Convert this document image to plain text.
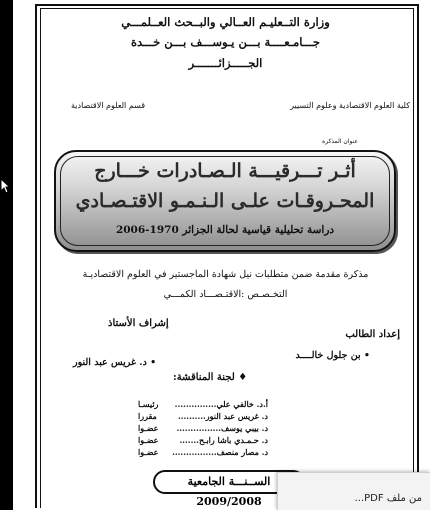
وزارة التــعليـم العــالي والبــحث العــلمـــي
جـــامـعــــة بـــن يـوســـف بـــن خـــدة
الجـــــزائـــــــر
كلية العلوم الاقتصادية وعلوم التسيير
قسم العلوم الاقتصادية
عنوان المذكرة
أثـر تـــرقيـــة الـصـادرات خـــارج
المحـروقـات علـى الـنـمـو الاقتـصـادي
دراسة تحليلية قياسية لحالة الجزائر 1970-2006
مذكرة مقدمة ضمن متطلبات نيل شهادة الماجستير في العلوم الاقتصاديـة
التخـصـص :الاقتـصـــاد الكمـــي
إعداد الطالب
• بن جلول خالــــد
إشراف الأستاذ
• د. غريس عبد النور
♦ لجنة المناقشة:
أ.د. خالفي علي...............
رئيسـا
د. غريس عبد النور..........
مقررا
د. بيبي يوسف................
عضـوا
د. حـمـدي باشا رابـح.......
عضـوا
د. مصار منصف................
عضـوا
الســنـــة الجامعية 2009/2008	من ملف PDF...
